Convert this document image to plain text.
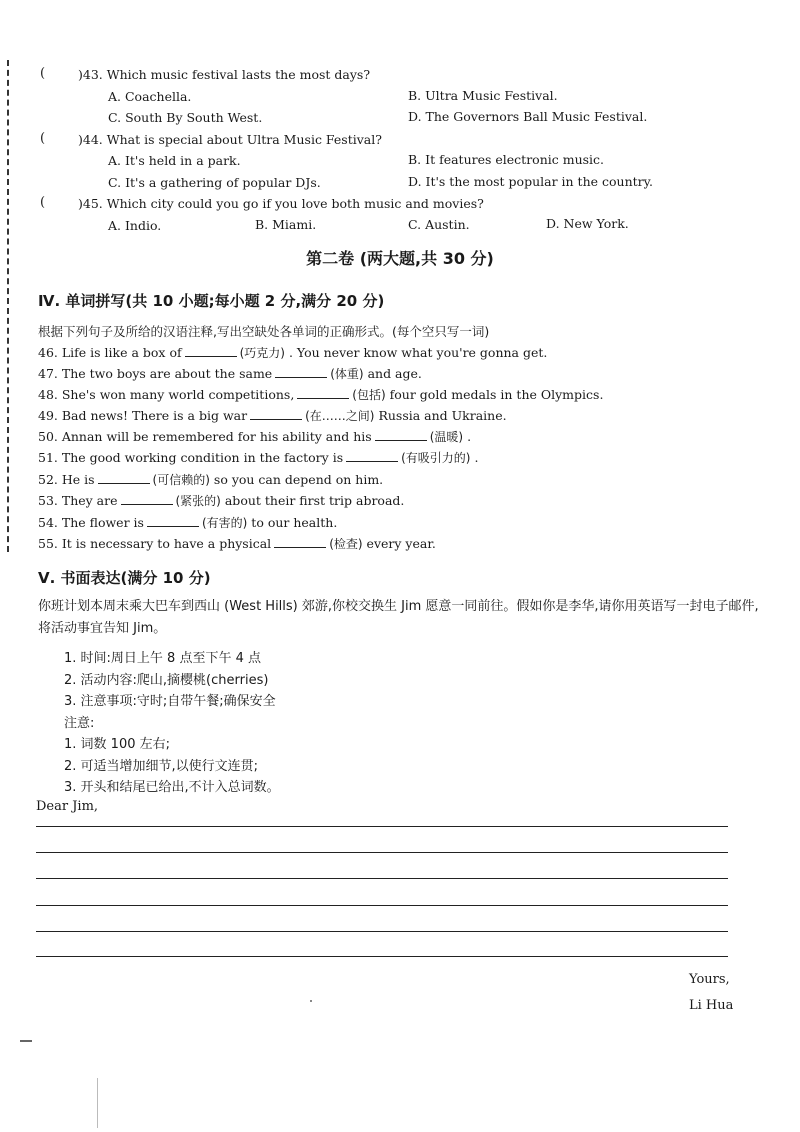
(	)43. Which music festival lasts the most days?
A. Coachella.	B. Ultra Music Festival.
C. South By South West.	D. The Governors Ball Music Festival.
(	)44. What is special about Ultra Music Festival?
A. It's held in a park.	B. It features electronic music.
C. It's a gathering of popular DJs.	D. It's the most popular in the country.
(	)45. Which city could you go if you love both music and movies?
A. Indio.	B. Miami.	C. Austin.	D. New York.
第二卷 (两大题,共 30 分)
Ⅳ. 单词拼写(共 10 小题;每小题 2 分,满分 20 分)
根据下列句子及所给的汉语注释,写出空缺处各单词的正确形式。(每个空只写一词)
46. Life is like a box of	(巧克力) . You never know what you're gonna get.
47. The two boys are about the same	(体重) and age.
48. She's won many world competitions,	(包括) four gold medals in the Olympics.
49. Bad news! There is a big war	(在……之间) Russia and Ukraine.
50. Annan will be remembered for his ability and his	(温暖) .
51. The good working condition in the factory is	(有吸引力的) .
52. He is	(可信赖的) so you can depend on him.
53. They are	(紧张的) about their first trip abroad.
54. The flower is	(有害的) to our health.
55. It is necessary to have a physical	(检查) every year.
Ⅴ. 书面表达(满分 10 分)
你班计划本周末乘大巴车到西山 (West Hills) 郊游,你校交换生 Jim 愿意一同前往。假如你是李华,请你用英语写一封电子邮件,将活动事宜告知 Jim。
1. 时间:周日上午 8 点至下午 4 点
2. 活动内容:爬山,摘樱桃(cherries)
3. 注意事项:守时;自带午餐;确保安全
注意:
1. 词数 100 左右;
2. 可适当增加细节,以使行文连贯;
3. 开头和结尾已给出,不计入总词数。
Dear Jim,
Yours,
Li Hua
